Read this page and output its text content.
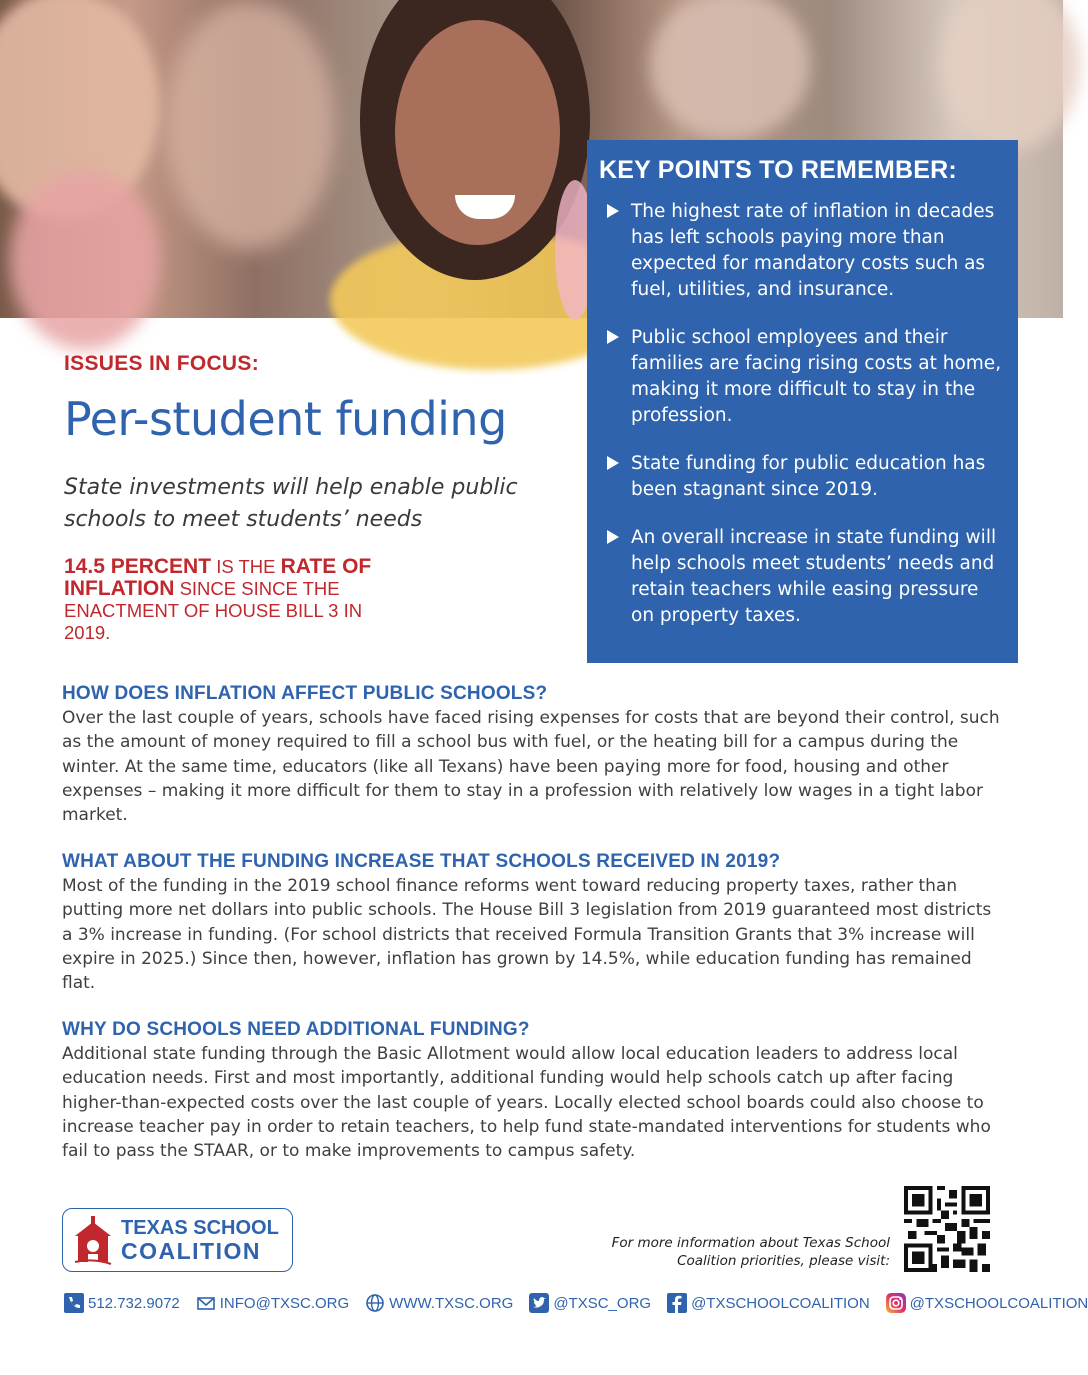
KEY POINTS TO REMEMBER:
The highest rate of inflation in decades has left schools paying more than expected for mandatory costs such as fuel, utilities, and insurance.
Public school employees and their families are facing rising costs at home, making it more difficult to stay in the profession.
State funding for public education has been stagnant since 2019.
An overall increase in state funding will help schools meet students’ needs and retain teachers while easing pressure on property taxes.
ISSUES IN FOCUS:
Per-student funding
State investments will help enable public schools to meet students’ needs
14.5 PERCENT IS THE RATE OF INFLATION SINCE SINCE THE ENACTMENT OF HOUSE BILL 3 IN 2019.
HOW DOES INFLATION AFFECT PUBLIC SCHOOLS?

Over the last couple of years, schools have faced rising expenses for costs that are beyond their control, such as the amount of money required to fill a school bus with fuel, or the heating bill for a campus during the winter. At the same time, educators (like all Texans) have been paying more for food, housing and other expenses – making it more difficult for them to stay in a profession with relatively low wages in a tight labor market.

WHAT ABOUT THE FUNDING INCREASE THAT SCHOOLS RECEIVED IN 2019?

Most of the funding in the 2019 school finance reforms went toward reducing property taxes, rather than putting more net dollars into public schools. The House Bill 3 legislation from 2019 guaranteed most districts a 3% increase in funding. (For school districts that received Formula Transition Grants that 3% increase will expire in 2025.) Since then, however, inflation has grown by 14.5%, while education funding has remained flat.

WHY DO SCHOOLS NEED ADDITIONAL FUNDING?

Additional state funding through the Basic Allotment would allow local education leaders to address local education needs. First and most importantly, additional funding would help schools catch up after facing higher-than-expected costs over the last couple of years. Locally elected school boards could also choose to increase teacher pay in order to retain teachers, to help fund state-mandated interventions for students who fail to pass the STAAR, or to make improvements to campus safety.

TEXAS SCHOOL
COALITION	For more information about Texas School Coalition priorities, please visit:
512.732.9072	INFO@TXSC.ORG	WWW.TXSC.ORG	@TXSC_ORG	@TXSCHOOLCOALITION	@TXSCHOOLCOALITION
